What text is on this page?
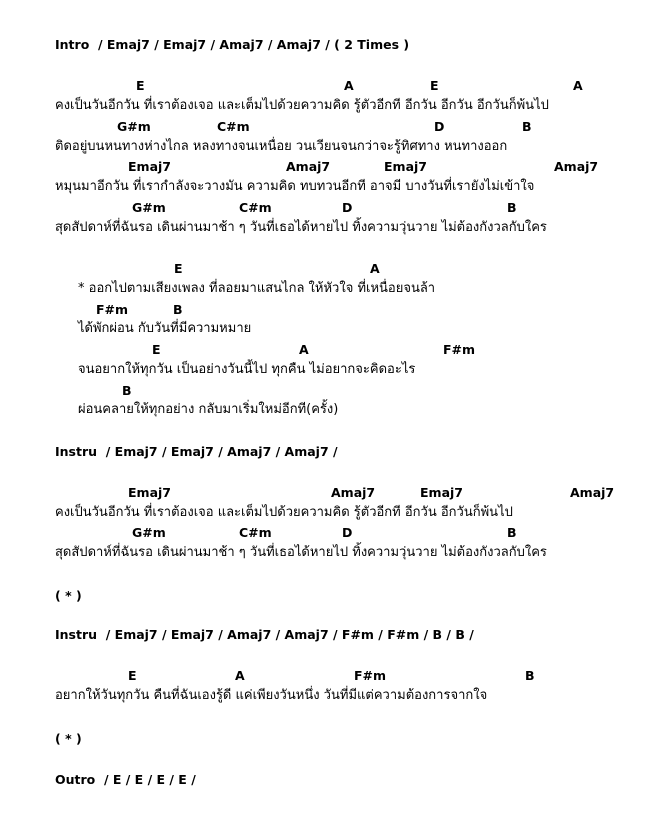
Intro  / Emaj7 / Emaj7 / Amaj7 / Amaj7 / ( 2 Times )
E	A	E	A
คงเป็นวันอีกวัน ที่เราต้องเจอ และเต็มไปด้วยความคิด รู้ตัวอีกที อีกวัน อีกวัน อีกวันก็พ้นไป
G#m	C#m	D	B
ติดอยู่บนหนทางห่างไกล หลงทางจนเหนื่อย วนเวียนจนกว่าจะรู้ทิศทาง หนทางออก
Emaj7	Amaj7	Emaj7	Amaj7
หมุนมาอีกวัน ที่เรากำลังจะวางมัน ความคิด ทบทวนอีกที อาจมี บางวันที่เรายังไม่เข้าใจ
G#m	C#m	D	B
สุดสัปดาห์ที่ฉันรอ เดินผ่านมาช้า ๆ วันที่เธอได้หายไป ทิ้งความวุ่นวาย ไม่ต้องกังวลกับใคร
E	A
* ออกไปตามเสียงเพลง ที่ลอยมาแสนไกล ให้หัวใจ ที่เหนื่อยจนล้า
F#m	B
ได้พักผ่อน กับวันที่มีความหมาย
E	A	F#m
จนอยากให้ทุกวัน เป็นอย่างวันนี้ไป ทุกคืน ไม่อยากจะคิดอะไร
B
ผ่อนคลายให้ทุกอย่าง กลับมาเริ่มใหม่อีกที(ครั้ง)
Instru  / Emaj7 / Emaj7 / Amaj7 / Amaj7 /
Emaj7	Amaj7	Emaj7	Amaj7
คงเป็นวันอีกวัน ที่เราต้องเจอ และเต็มไปด้วยความคิด รู้ตัวอีกที อีกวัน อีกวันก็พ้นไป
G#m	C#m	D	B
สุดสัปดาห์ที่ฉันรอ เดินผ่านมาช้า ๆ วันที่เธอได้หายไป ทิ้งความวุ่นวาย ไม่ต้องกังวลกับใคร
( * )
Instru  / Emaj7 / Emaj7 / Amaj7 / Amaj7 / F#m / F#m / B / B /
E	A	F#m	B
อยากให้วันทุกวัน คืนที่ฉันเองรู้ดี แค่เพียงวันหนึ่ง วันที่มีแต่ความต้องการจากใจ
( * )
Outro  / E / E / E / E /
